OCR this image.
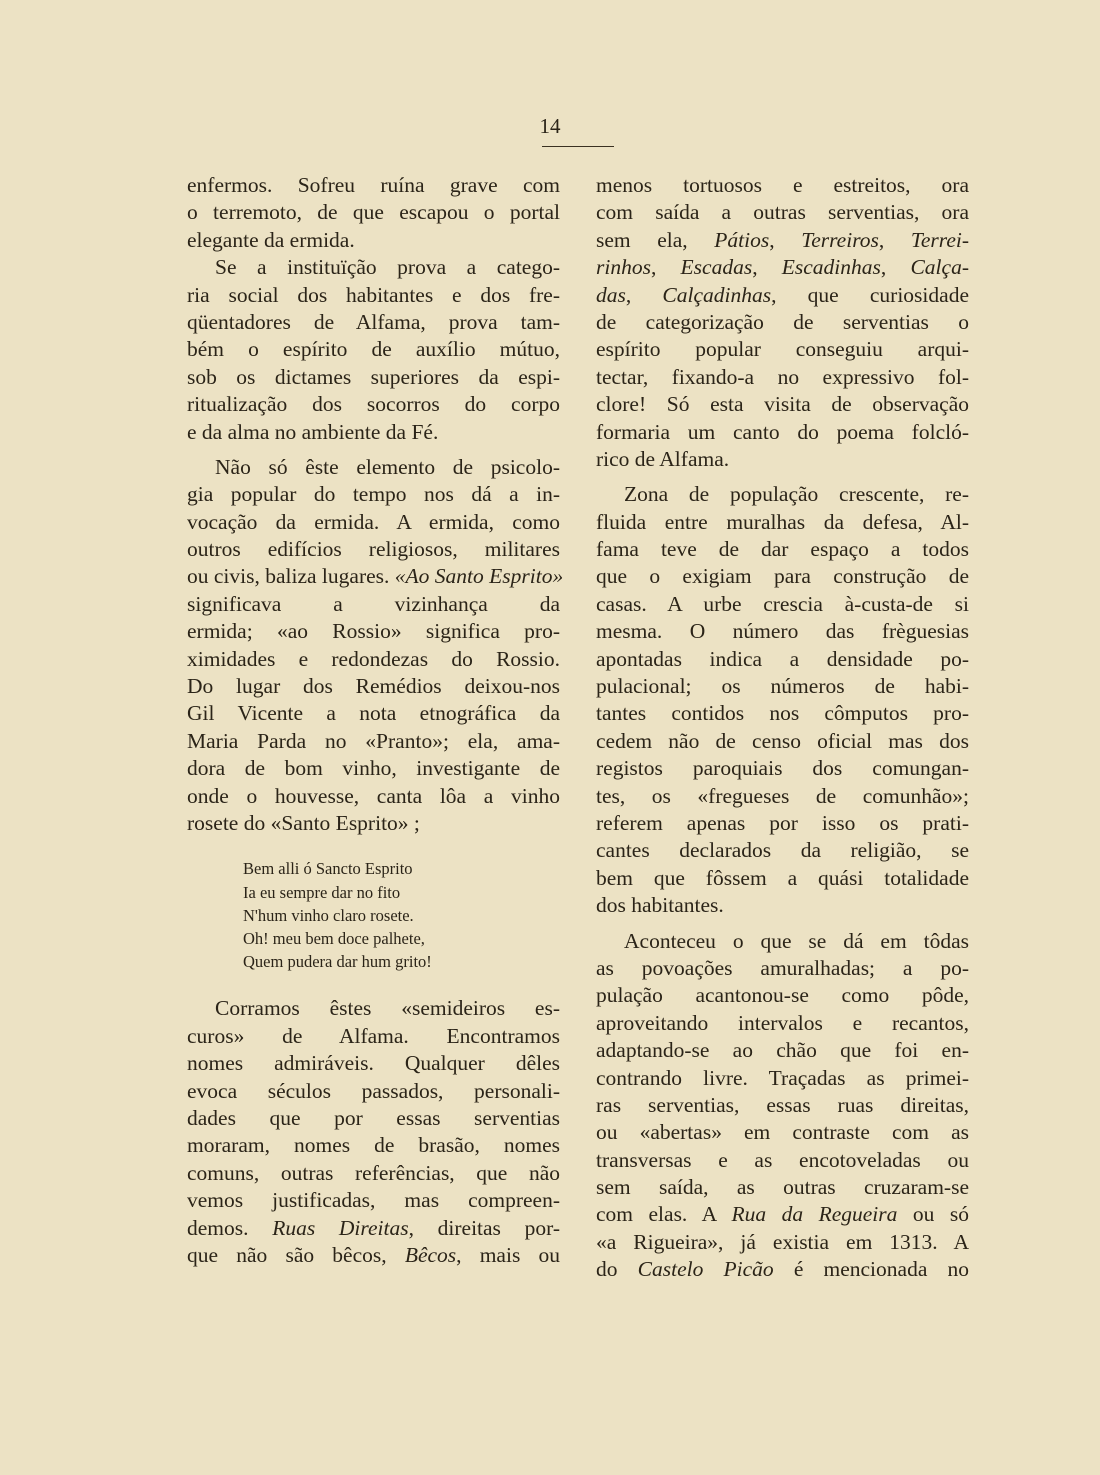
14
enfermos. Sofreu ruína grave com
o terremoto, de que escapou o portal
elegante da ermida.
Se a instituïção prova a catego-
ria social dos habitantes e dos fre-
qüentadores de Alfama, prova tam-
bém o espírito de auxílio mútuo,
sob os dictames superiores da espi-
ritualização dos socorros do corpo
e da alma no ambiente da Fé.
Não só êste elemento de psicolo-
gia popular do tempo nos dá a in-
vocação da ermida. A ermida, como
outros edifícios religiosos, militares
ou civis, baliza lugares. «Ao Santo Esprito»
significava a vizinhança da
ermida; «ao Rossio» significa pro-
ximidades e redondezas do Rossio.
Do lugar dos Remédios deixou-nos
Gil Vicente a nota etnográfica da
Maria Parda no «Pranto»; ela, ama-
dora de bom vinho, investigante de
onde o houvesse, canta lôa a vinho
rosete do «Santo Esprito» ;
Bem alli ó Sancto Esprito
Ia eu sempre dar no fito
N'hum vinho claro rosete.
Oh! meu bem doce palhete,
Quem pudera dar hum grito!
Corramos êstes «semideiros es-
curos» de Alfama. Encontramos
nomes admiráveis. Qualquer dêles
evoca séculos passados, personali-
dades que por essas serventias
moraram, nomes de brasão, nomes
comuns, outras referências, que não
vemos justificadas, mas compreen-
demos. Ruas Direitas, direitas por-
que não são bêcos, Bêcos, mais ou
menos tortuosos e estreitos, ora
com saída a outras serventias, ora
sem ela, Pátios, Terreiros, Terrei-
rinhos, Escadas, Escadinhas, Calça-
das, Calçadinhas, que curiosidade
de categorização de serventias o
espírito popular conseguiu arqui-
tectar, fixando-a no expressivo fol-
clore! Só esta visita de observação
formaria um canto do poema folcló-
rico de Alfama.
Zona de população crescente, re-
fluida entre muralhas da defesa, Al-
fama teve de dar espaço a todos
que o exigiam para construção de
casas. A urbe crescia à-custa-de si
mesma. O número das frèguesias
apontadas indica a densidade po-
pulacional; os números de habi-
tantes contidos nos cômputos pro-
cedem não de censo oficial mas dos
registos paroquiais dos comungan-
tes, os «fregueses de comunhão»;
referem apenas por isso os prati-
cantes declarados da religião, se
bem que fôssem a quási totalidade
dos habitantes.
Aconteceu o que se dá em tôdas
as povoações amuralhadas; a po-
pulação acantonou-se como pôde,
aproveitando intervalos e recantos,
adaptando-se ao chão que foi en-
contrando livre. Traçadas as primei-
ras serventias, essas ruas direitas,
ou «abertas» em contraste com as
transversas e as encotoveladas ou
sem saída, as outras cruzaram-se
com elas. A Rua da Regueira ou só
«a Rigueira», já existia em 1313. A
do Castelo Picão é mencionada no
